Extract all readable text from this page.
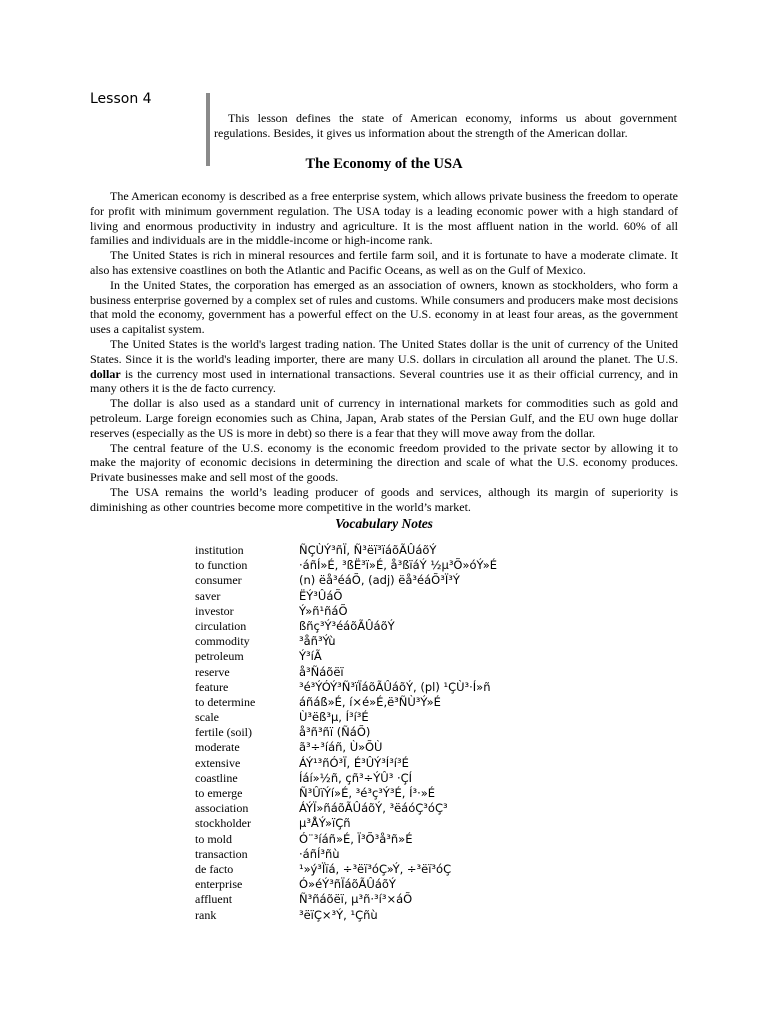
Lesson 4

This lesson defines the state of American economy, informs us about government regulations. Besides, it gives us information about the strength of the American dollar.

The Economy of the USA

The American economy is described as a free enterprise system, which allows private business the freedom to operate for profit with minimum government regulation. The USA today is a leading economic power with a high standard of living and enormous productivity in industry and agriculture. It is the most affluent nation in the world. 60% of all families and individuals are in the middle-income or high-income rank.

The United States is rich in mineral resources and fertile farm soil, and it is fortunate to have a moderate climate. It also has extensive coastlines on both the Atlantic and Pacific Oceans, as well as on the Gulf of Mexico.

In the United States, the corporation has emerged as an association of owners, known as stockholders, who form a business enterprise governed by a complex set of rules and customs. While consumers and producers make most decisions that mold the economy, government has a powerful effect on the U.S. economy in at least four areas, as the government uses a capitalist system.

The United States is the world's largest trading nation. The United States dollar is the unit of currency of the United States. Since it is the world's leading importer, there are many U.S. dollars in circulation all around the planet. The U.S. dollar is the currency most used in international transactions. Several countries use it as their official currency, and in many others it is the de facto currency.

The dollar is also used as a standard unit of currency in international markets for commodities such as gold and petroleum. Large foreign economies such as China, Japan, Arab states of the Persian Gulf, and the EU own huge dollar reserves (especially as the US is more in debt) so there is a fear that they will move away from the dollar.

The central feature of the U.S. economy is the economic freedom provided to the private sector by allowing it to make the majority of economic decisions in determining the direction and scale of what the U.S. economy produces. Private businesses make and sell most of the goods.

The USA remains the world’s leading producer of goods and services, although its margin of superiority is diminishing as other countries become more competitive in the world’s market.

Vocabulary Notes
institution	ÑÇÙÝ³ñÏ, Ñ³ëï³ïáõÃÛáõÝ
to function	·áñÍ»É, ³ßË³ï»É, å³ßïáÝ ½µ³Õ»óÝ»É
consumer	(n) ëå³éáÕ, (adj) ëå³éáÕ³Ï³Ý
saver	ËÝ³ÛáÕ
investor	Ý»ñ¹ñáÕ
circulation	ßñç³Ý³éáõÃÛáõÝ
commodity	³åñ³Ýù
petroleum	Ý³íÃ
reserve	å³Ñáõëï
feature	³é³ÝÓÝ³Ñ³ïÏáõÃÛáõÝ, (pl) ¹ÇÙ³·Í»ñ
to determine	áñáß»É, í×é»É,ë³ÑÙ³Ý»É
scale	Ù³ëß³µ, Í³í³É
fertile (soil)	å³ñ³ñï (ÑáÕ)
moderate	ã³÷³íáñ, Ù»ÕÙ
extensive	ÁÝ¹³ñÓ³Ï, É³ÛÝ³Í³í³É
coastline	Íáí»½ñ, çñ³÷ÝÛ³ ·ÇÍ
to emerge	Ñ³ÛïÝí»É, ³é³ç³Ý³É, Í³·»É
association	ÁÝÏ»ñáõÃÛáõÝ, ³ëáóÇ³óÇ³
stockholder	µ³ÅÝ»ïÇñ
to mold	Ó¨³íáñ»É, Ï³Õ³å³ñ»É
transaction	·áñÍ³ñù
de facto	¹»ý³Ïïá, ÷³ëï³óÇ»Ý, ÷³ëï³óÇ
enterprise	Ó»éÝ³ñÏáõÃÛáõÝ
affluent	Ñ³ñáõëï, µ³ñ·³í³×áÕ
rank	³ëïÇ×³Ý, ¹Çñù
